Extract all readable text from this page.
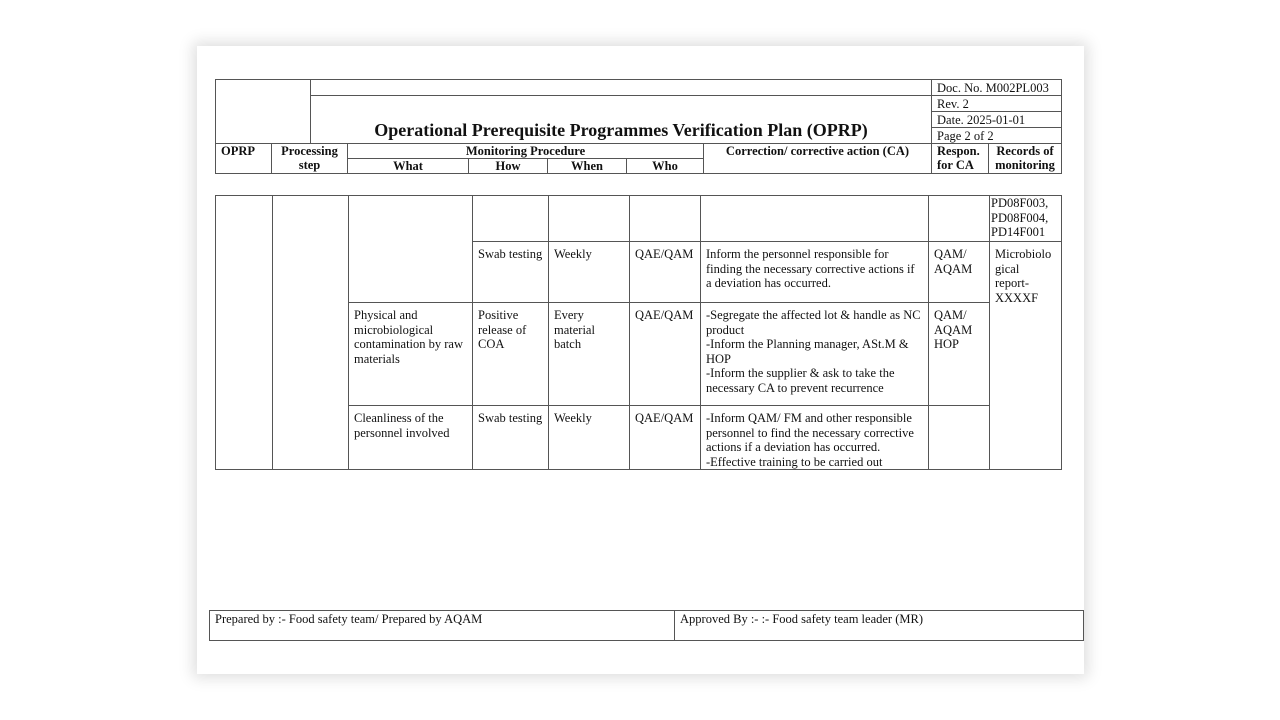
								Doc. No. M002PL003	
		Operational Prerequisite Programmes Verification Plan (OPRP)						Rev. 2	
								Date. 2025-01-01	
								Page 2 of 2	
OPRP	Processing step		Monitoring Procedure				Correction/ corrective action (CA)	Respon. for CA	Records of monitoring
			What	How	When	Who			
								PD08F003, PD08F004, PD14F001
			Swab testing	Weekly	QAE/QAM	Inform the personnel responsible for finding the necessary corrective actions if a deviation has occurred.	QAM/ AQAM	Microbiolo gical report-XXXXF
		Physical and microbiological contamination by raw materials	Positive release of COA	Every material batch	QAE/QAM	-Segregate the affected lot & handle as NC product
-Inform the Planning manager, ASt.M & HOP
-Inform the supplier & ask to take the necessary CA to prevent recurrence	QAM/ AQAM HOP	
		Cleanliness of the personnel involved	Swab testing	Weekly	QAE/QAM	-Inform QAM/ FM and other responsible personnel to find the necessary corrective actions if a deviation has occurred.
-Effective training to be carried out		

Prepared by :- Food safety team/ Prepared by AQAM	Approved By :- :- Food safety team leader (MR)
